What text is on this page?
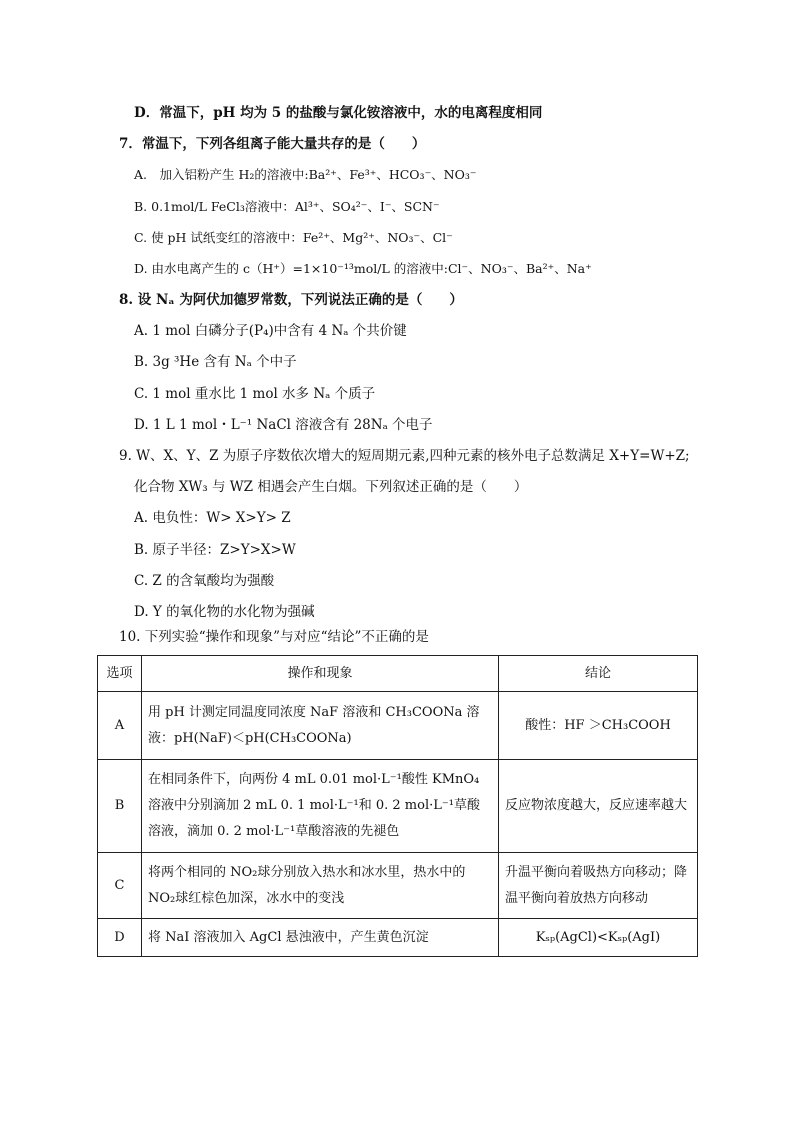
D．常温下，pH 均为 5 的盐酸与氯化铵溶液中，水的电离程度相同
7．常温下，下列各组离子能大量共存的是（　　）
A.　加入铝粉产生 H₂的溶液中:Ba²⁺、Fe³⁺、HCO₃⁻、NO₃⁻
B. 0.1mol/L FeCl₃溶液中：Al³⁺、SO₄²⁻、I⁻、SCN⁻
C. 使 pH 试纸变红的溶液中：Fe²⁺、Mg²⁺、NO₃⁻、Cl⁻
D. 由水电离产生的 c（H⁺）=1×10⁻¹³mol/L 的溶液中:Cl⁻、NO₃⁻、Ba²⁺、Na⁺
8. 设 Nₐ 为阿伏加德罗常数，下列说法正确的是（　　）
A. 1 mol 白磷分子(P₄)中含有 4 Nₐ 个共价键
B. 3g ³He 含有 Nₐ 个中子
C. 1 mol 重水比 1 mol 水多 Nₐ 个质子
D. 1 L 1 mol・L⁻¹ NaCl 溶液含有 28Nₐ 个电子
9. W、X、Y、Z 为原子序数依次增大的短周期元素,四种元素的核外电子总数满足 X+Y=W+Z;
化合物 XW₃ 与 WZ 相遇会产生白烟。下列叙述正确的是（　　）
A. 电负性：W> X>Y> Z
B. 原子半径：Z>Y>X>W
C. Z 的含氧酸均为强酸
D. Y 的氧化物的水化物为强碱
10. 下列实验“操作和现象”与对应“结论”不正确的是
选项	操作和现象	结论
A	用 pH 计测定同温度同浓度 NaF 溶液和 CH₃COONa 溶液：pH(NaF)＜pH(CH₃COONa)	酸性：HF ＞CH₃COOH
B	在相同条件下，向两份 4 mL 0.01 mol·L⁻¹酸性 KMnO₄ 溶液中分别滴加 2 mL 0. 1 mol·L⁻¹和 0. 2 mol·L⁻¹草酸溶液，滴加 0. 2 mol·L⁻¹草酸溶液的先褪色	反应物浓度越大，反应速率越大
C	将两个相同的 NO₂球分别放入热水和冰水里，热水中的 NO₂球红棕色加深，冰水中的变浅	升温平衡向着吸热方向移动；降温平衡向着放热方向移动
D	将 NaI 溶液加入 AgCl 悬浊液中，产生黄色沉淀	Kₛₚ(AgCl)<Kₛₚ(AgI)
